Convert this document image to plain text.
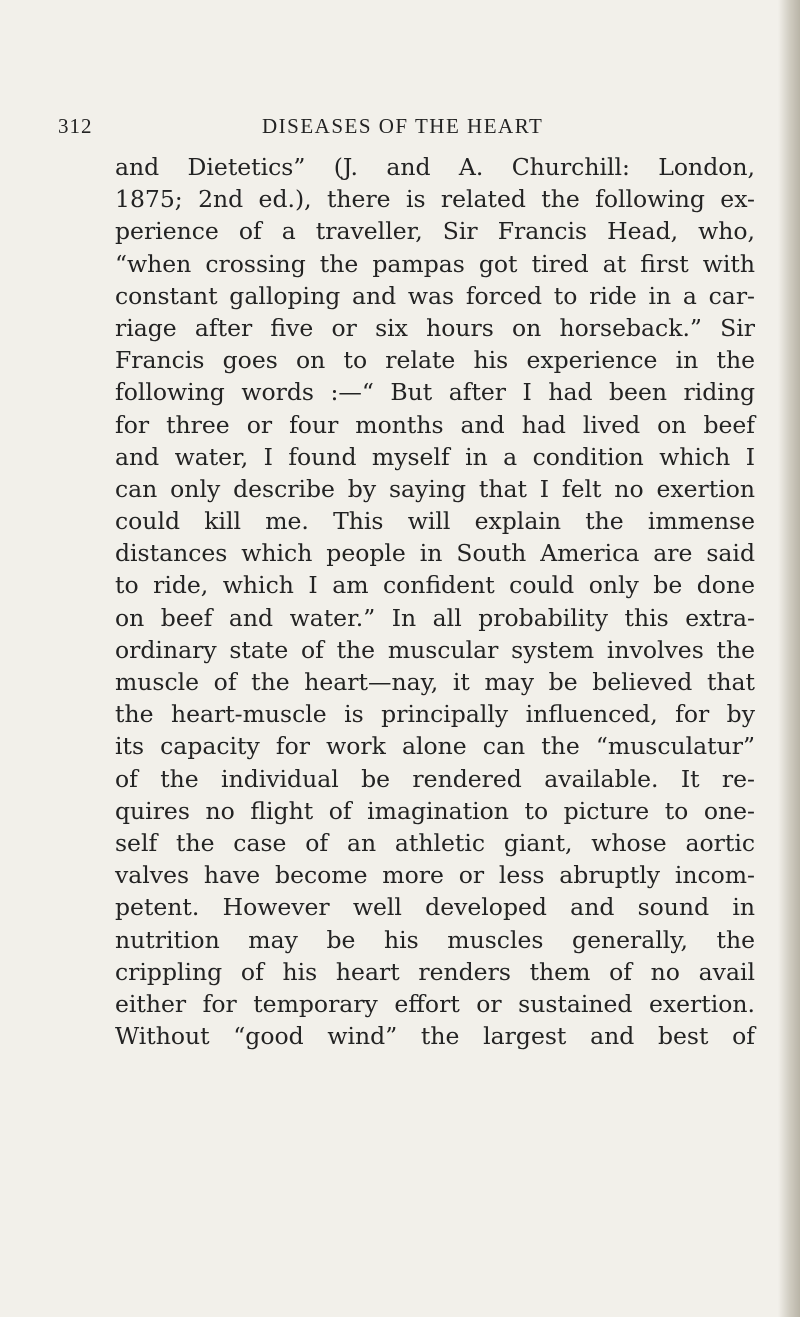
312	DISEASES OF THE HEART
and Dietetics” (J. and A. Churchill: London,
1875; 2nd ed.), there is related the following ex-
perience of a traveller, Sir Francis Head, who,
“when crossing the pampas got tired at first with
constant galloping and was forced to ride in a car-
riage after five or six hours on horseback.” Sir
Francis goes on to relate his experience in the
following words :—“ But after I had been riding
for three or four months and had lived on beef
and water, I found myself in a condition which I
can only describe by saying that I felt no exertion
could kill me. This will explain the immense
distances which people in South America are said
to ride, which I am confident could only be done
on beef and water.” In all probability this extra-
ordinary state of the muscular system involves the
muscle of the heart—nay, it may be believed that
the heart-muscle is principally influenced, for by
its capacity for work alone can the “musculatur”
of the individual be rendered available. It re-
quires no flight of imagination to picture to one-
self the case of an athletic giant, whose aortic
valves have become more or less abruptly incom-
petent. However well developed and sound in
nutrition may be his muscles generally, the
crippling of his heart renders them of no avail
either for temporary effort or sustained exertion.
Without “good wind” the largest and best of
